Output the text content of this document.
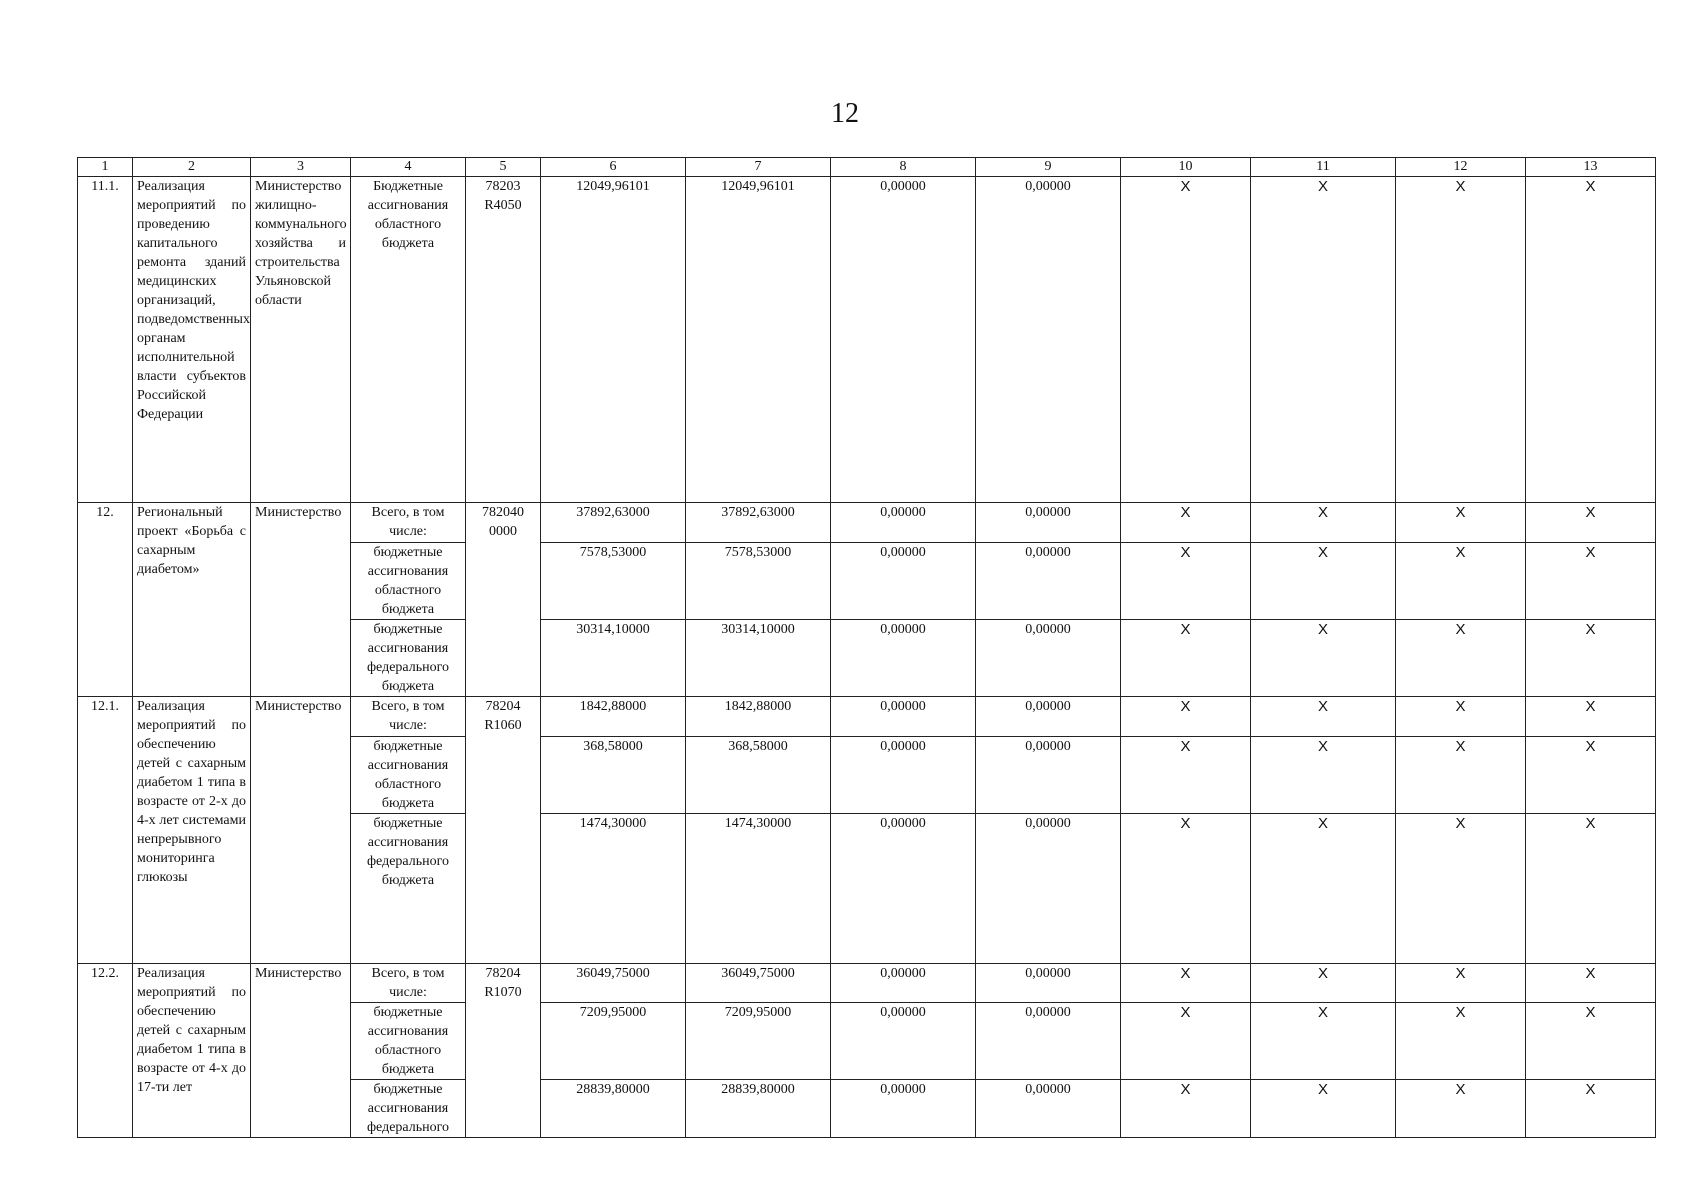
12
1	2	3	4	5	6	7	8	9	10	11	12	13
11.1.	Реализация мероприятий по проведению капитального ремонта зданий медицинских организаций, подведомственных органам исполнительной власти субъектов Российской Федерации	Министерство жилищно-коммунального хозяйства и строительства Ульяновской области	Бюджетные ассигнования областного бюджета	78203 R4050	12049,96101	12049,96101	0,00000	0,00000	X	X	X	X
12.	Региональный проект «Борьба с сахарным диабетом»	Министерство	Всего, в том числе:	782040 0000	37892,63000	37892,63000	0,00000	0,00000	X	X	X	X
			бюджетные ассигнования областного бюджета		7578,53000	7578,53000	0,00000	0,00000	X	X	X	X
			бюджетные ассигнования федерального бюджета		30314,10000	30314,10000	0,00000	0,00000	X	X	X	X
12.1.	Реализация мероприятий по обеспечению детей с сахарным диабетом 1 типа в возрасте от 2-х до 4-х лет системами непрерывного мониторинга глюкозы	Министерство	Всего, в том числе:	78204 R1060	1842,88000	1842,88000	0,00000	0,00000	X	X	X	X
			бюджетные ассигнования областного бюджета		368,58000	368,58000	0,00000	0,00000	X	X	X	X
			бюджетные ассигнования федерального бюджета		1474,30000	1474,30000	0,00000	0,00000	X	X	X	X
12.2.	Реализация мероприятий по обеспечению детей с сахарным диабетом 1 типа в возрасте от 4-х до 17-ти лет	Министерство	Всего, в том числе:	78204 R1070	36049,75000	36049,75000	0,00000	0,00000	X	X	X	X
			бюджетные ассигнования областного бюджета		7209,95000	7209,95000	0,00000	0,00000	X	X	X	X
			бюджетные ассигнования федерального		28839,80000	28839,80000	0,00000	0,00000	X	X	X	X
